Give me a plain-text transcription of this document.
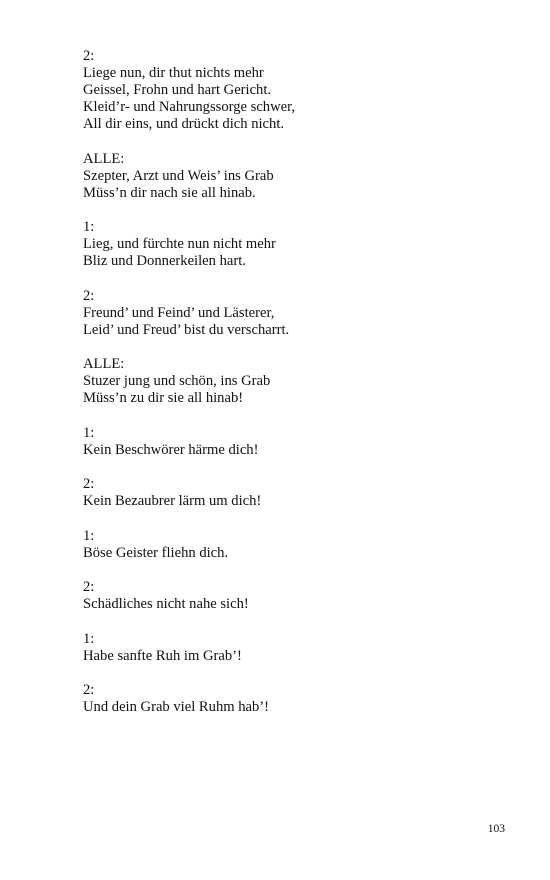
2:
Liege nun, dir thut nichts mehr
Geissel, Frohn und hart Gericht.
Kleid’r- und Nahrungssorge schwer,
All dir eins, und drückt dich nicht.
ALLE:
Szepter, Arzt und Weis’ ins Grab
Müss’n dir nach sie all hinab.
1:
Lieg, und fürchte nun nicht mehr
Bliz und Donnerkeilen hart.
2:
Freund’ und Feind’ und Lästerer,
Leid’ und Freud’ bist du verscharrt.
ALLE:
Stuzer jung und schön, ins Grab
Müss’n zu dir sie all hinab!
1:
Kein Beschwörer härme dich!
2:
Kein Bezaubrer lärm um dich!
1:
Böse Geister fliehn dich.
2:
Schädliches nicht nahe sich!
1:
Habe sanfte Ruh im Grab’!
2:
Und dein Grab viel Ruhm hab’!
103
